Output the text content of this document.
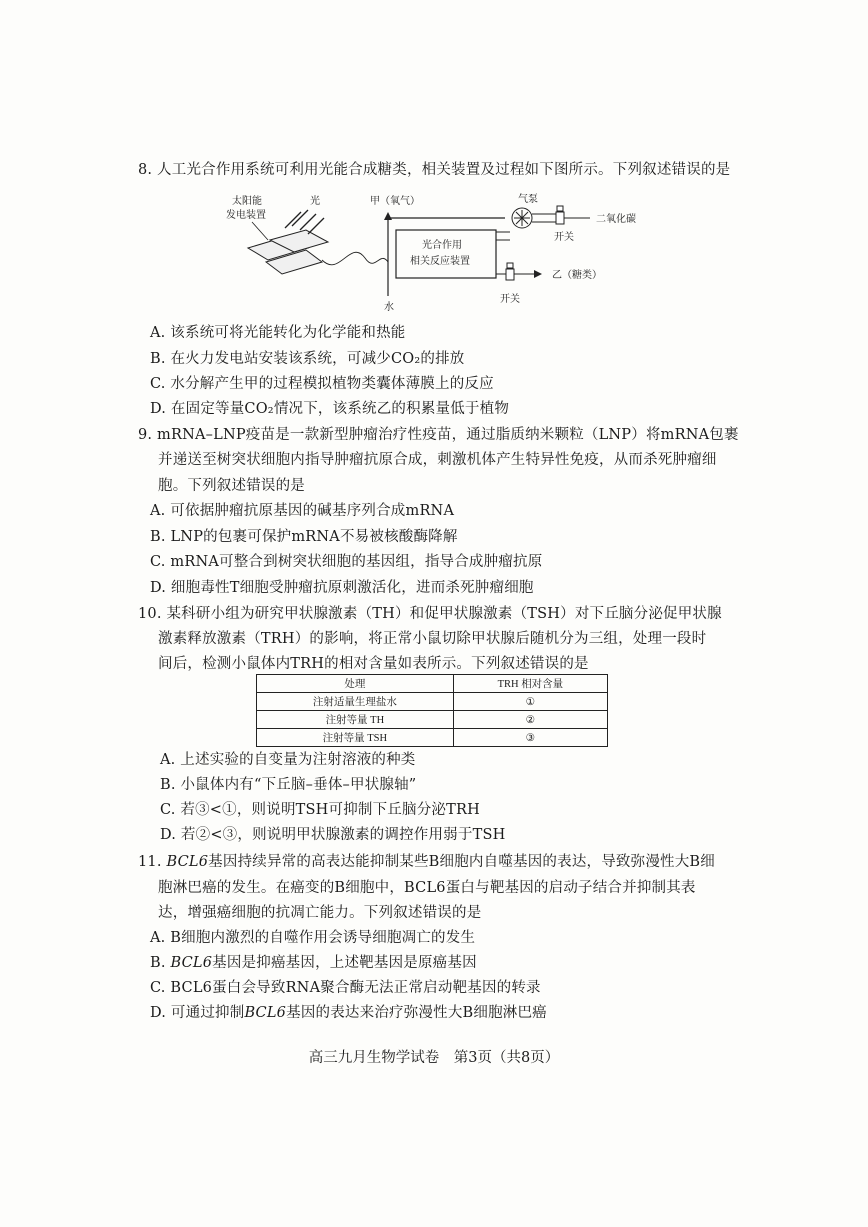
8. 人工光合作用系统可利用光能合成糖类，相关装置及过程如下图所示。下列叙述错误的是
太阳能
发电装置
光	甲（氧气）
水
光合作用
相关反应装置
气泵
二氧化碳
开关
开关
乙（糖类）
A. 该系统可将光能转化为化学能和热能
B. 在火力发电站安装该系统，可减少CO₂的排放
C. 水分解产生甲的过程模拟植物类囊体薄膜上的反应
D. 在固定等量CO₂情况下，该系统乙的积累量低于植物
9. mRNA–LNP疫苗是一款新型肿瘤治疗性疫苗，通过脂质纳米颗粒（LNP）将mRNA包裹
并递送至树突状细胞内指导肿瘤抗原合成，刺激机体产生特异性免疫，从而杀死肿瘤细
胞。下列叙述错误的是
A. 可依据肿瘤抗原基因的碱基序列合成mRNA
B. LNP的包裹可保护mRNA不易被核酸酶降解
C. mRNA可整合到树突状细胞的基因组，指导合成肿瘤抗原
D. 细胞毒性T细胞受肿瘤抗原刺激活化，进而杀死肿瘤细胞
10. 某科研小组为研究甲状腺激素（TH）和促甲状腺激素（TSH）对下丘脑分泌促甲状腺
激素释放激素（TRH）的影响，将正常小鼠切除甲状腺后随机分为三组，处理一段时
间后，检测小鼠体内TRH的相对含量如表所示。下列叙述错误的是
处理	TRH 相对含量
注射适量生理盐水	①
注射等量 TH	②
注射等量 TSH	③
A. 上述实验的自变量为注射溶液的种类
B. 小鼠体内有“下丘脑–垂体–甲状腺轴”
C. 若③<①，则说明TSH可抑制下丘脑分泌TRH
D. 若②<③，则说明甲状腺激素的调控作用弱于TSH
11. BCL6基因持续异常的高表达能抑制某些B细胞内自噬基因的表达，导致弥漫性大B细
胞淋巴癌的发生。在癌变的B细胞中，BCL6蛋白与靶基因的启动子结合并抑制其表
达，增强癌细胞的抗凋亡能力。下列叙述错误的是
A. B细胞内激烈的自噬作用会诱导细胞凋亡的发生
B. BCL6基因是抑癌基因，上述靶基因是原癌基因
C. BCL6蛋白会导致RNA聚合酶无法正常启动靶基因的转录
D. 可通过抑制BCL6基因的表达来治疗弥漫性大B细胞淋巴癌
高三九月生物学试卷　第3页（共8页）
